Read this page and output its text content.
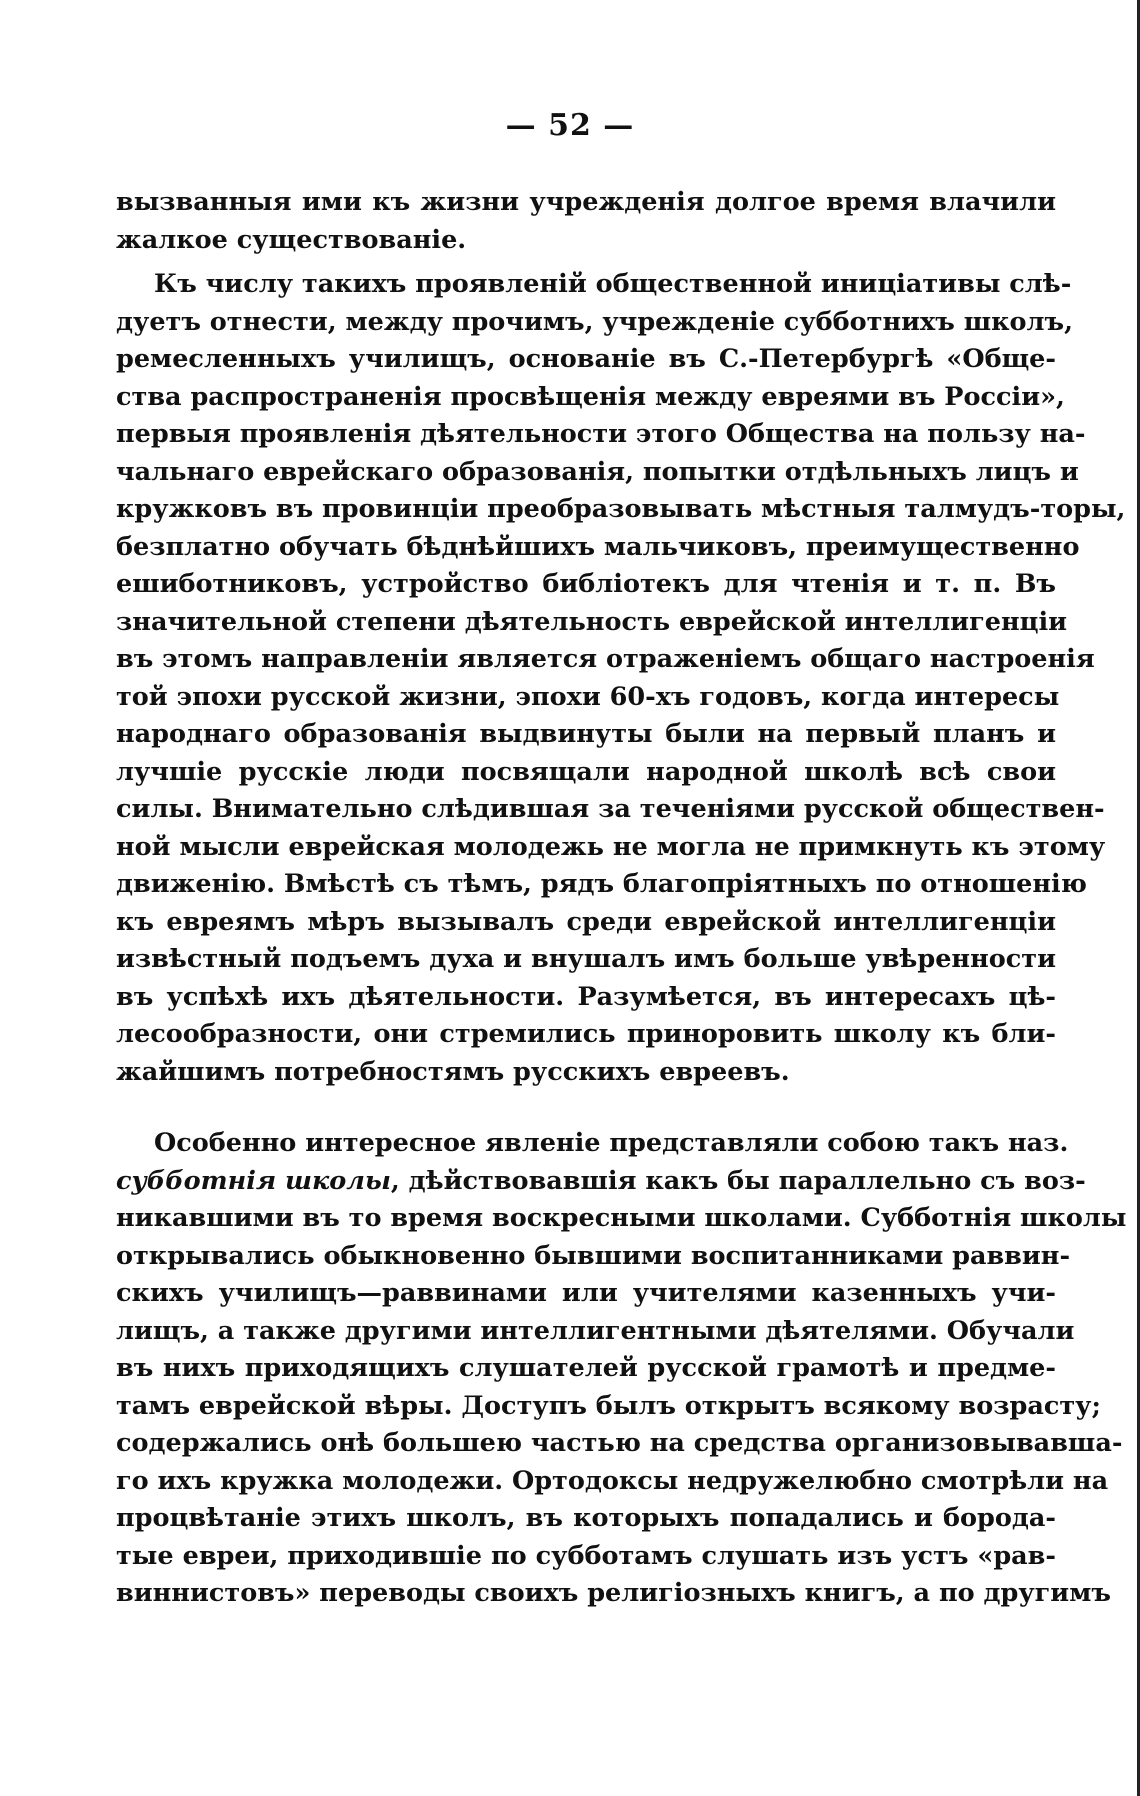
— 52 —
вызванныя ими къ жизни учрежденія долгое время влачили
жалкое существованіе.
Къ числу такихъ проявленій общественной иниціативы слѣ-
дуетъ отнести, между прочимъ, учрежденіе субботнихъ школъ,
ремесленныхъ училищъ, основаніе въ С.-Петербургѣ «Обще-
ства распространенія просвѣщенія между евреями въ Россіи»,
первыя проявленія дѣятельности этого Общества на пользу на-
чальнаго еврейскаго образованія, попытки отдѣльныхъ лицъ и
кружковъ въ провинціи преобразовывать мѣстныя талмудъ-торы,
безплатно обучать бѣднѣйшихъ мальчиковъ, преимущественно
ешиботниковъ, устройство библіотекъ для чтенія и т. п. Въ
значительной степени дѣятельность еврейской интеллигенціи
въ этомъ направленіи является отраженіемъ общаго настроенія
той эпохи русской жизни, эпохи 60-хъ годовъ, когда интересы
народнаго образованія выдвинуты были на первый планъ и
лучшіе русскіе люди посвящали народной школѣ всѣ свои
силы. Внимательно слѣдившая за теченіями русской обществен-
ной мысли еврейская молодежь не могла не примкнуть къ этому
движенію. Вмѣстѣ съ тѣмъ, рядъ благопріятныхъ по отношенію
къ евреямъ мѣръ вызывалъ среди еврейской интеллигенціи
извѣстный подъемъ духа и внушалъ имъ больше увѣренности
въ успѣхѣ ихъ дѣятельности. Разумѣется, въ интересахъ цѣ-
лесообразности, они стремились приноровить школу къ бли-
жайшимъ потребностямъ русскихъ евреевъ.
Особенно интересное явленіе представляли собою такъ наз.
субботнія школы, дѣйствовавшія какъ бы параллельно съ воз-
никавшими въ то время воскресными школами. Субботнія школы
открывались обыкновенно бывшими воспитанниками раввин-
скихъ училищъ—раввинами или учителями казенныхъ учи-
лищъ, а также другими интеллигентными дѣятелями. Обучали
въ нихъ приходящихъ слушателей русской грамотѣ и предме-
тамъ еврейской вѣры. Доступъ былъ открытъ всякому возрасту;
содержались онѣ большею частью на средства организовывавша-
го ихъ кружка молодежи. Ортодоксы недружелюбно смотрѣли на
процвѣтаніе этихъ школъ, въ которыхъ попадались и борода-
тые евреи, приходившіе по субботамъ слушать изъ устъ «рав-
виннистовъ» переводы своихъ религіозныхъ книгъ, а по другимъ
